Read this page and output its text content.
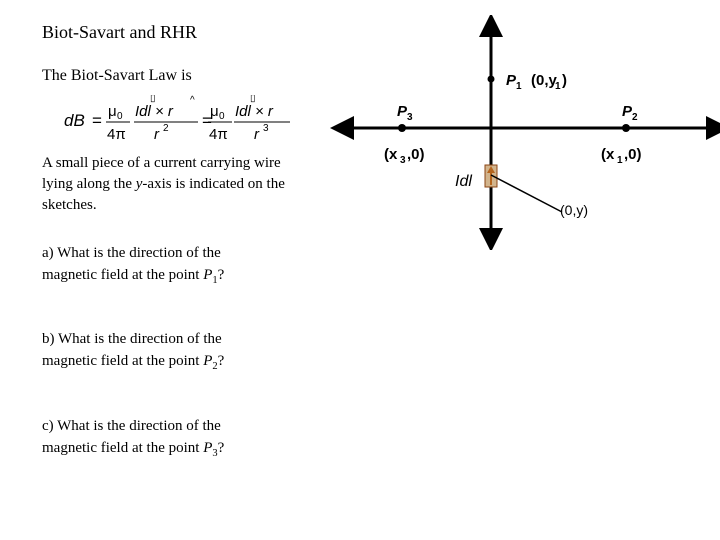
Biot-Savart and RHR
The Biot-Savart Law is
dB = μ 0
4π
Idl × r
▯	^
r 2 =
μ 0
4π
Idl × r
▯
r 3
A small piece of a current carrying wire
lying along the y-axis is indicated on the
sketches.
a) What is the direction of the
magnetic field at the point $P_1$?
b) What is the direction of the
magnetic field at the point $P_2$?
c) What is the direction of the
magnetic field at the point $P_3$?
Idl
(0,y)
P 1 (0,y
1 )
P 2
(x 1 ,0)
P 3
(x 3 ,0)
